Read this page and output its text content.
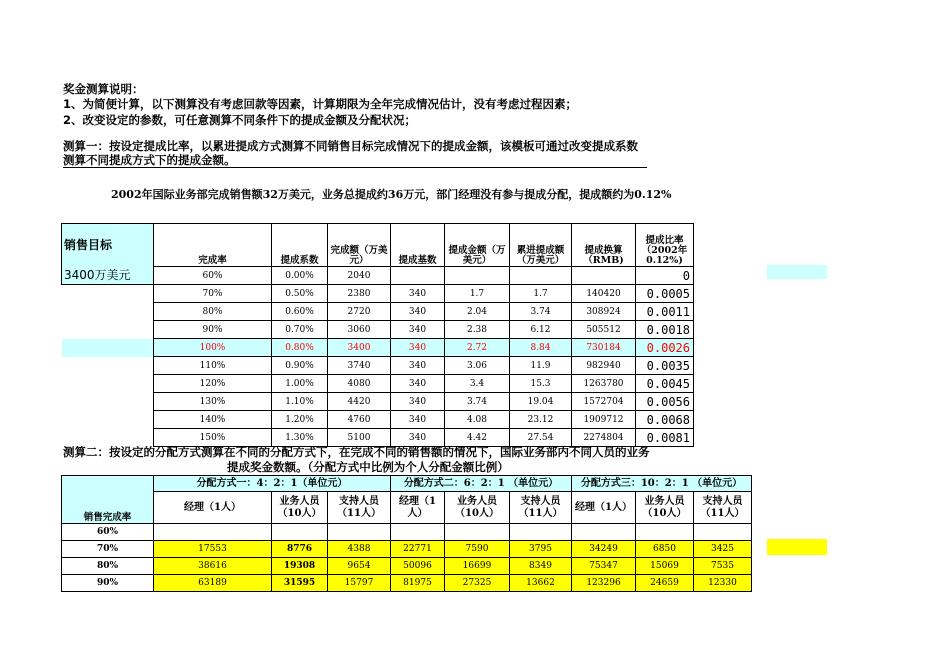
奖金测算说明：
1、为简便计算，以下测算没有考虑回款等因素，计算期限为全年完成情况估计，没有考虑过程因素；
2、改变设定的参数，可任意测算不同条件下的提成金额及分配状况；
测算一：按设定提成比率，以累进提成方式测算不同销售目标完成情况下的提成金额，该模板可通过改变提成系数测算不同提成方式下的提成金额。
2002年国际业务部完成销售额32万美元，业务总提成约36万元，部门经理没有参与提成分配，提成额约为0.12%
销售目标	完成率	提成系数	完成额（万美元）	提成基数	提成金额（万美元）	累进提成额（万美元）	提成换算（RMB)	提成比率（2002年0.12%)
3400万美元	60%	0.00%	2040					0
	70%	0.50%	2380	340	1.7	1.7	140420	0.0005
	80%	0.60%	2720	340	2.04	3.74	308924	0.0011
	90%	0.70%	3060	340	2.38	6.12	505512	0.0018
	100%	0.80%	3400	340	2.72	8.84	730184	0.0026
	110%	0.90%	3740	340	3.06	11.9	982940	0.0035
	120%	1.00%	4080	340	3.4	15.3	1263780	0.0045
	130%	1.10%	4420	340	3.74	19.04	1572704	0.0056
	140%	1.20%	4760	340	4.08	23.12	1909712	0.0068
	150%	1.30%	5100	340	4.42	27.54	2274804	0.0081
测算二：按设定的分配方式测算在不同的分配方式下，在完成不同的销售额的情况下，国际业务部内不同人员的业务
提成奖金数额。（分配方式中比例为个人分配金额比例）
销售完成率	分配方式一：4：2：1（单位元）			分配方式二：6：2：1 （单位元）			分配方式三：10：2：1 （单位元）		
	经理（1人）	业务人员（10人）	支持人员（11人）	经理（1人）	业务人员（10人）	支持人员（11人）	经理（1人）	业务人员（10人）	支持人员（11人）
60%									
70%	17553	8776	4388	22771	7590	3795	34249	6850	3425
80%	38616	19308	9654	50096	16699	8349	75347	15069	7535
90%	63189	31595	15797	81975	27325	13662	123296	24659	12330
